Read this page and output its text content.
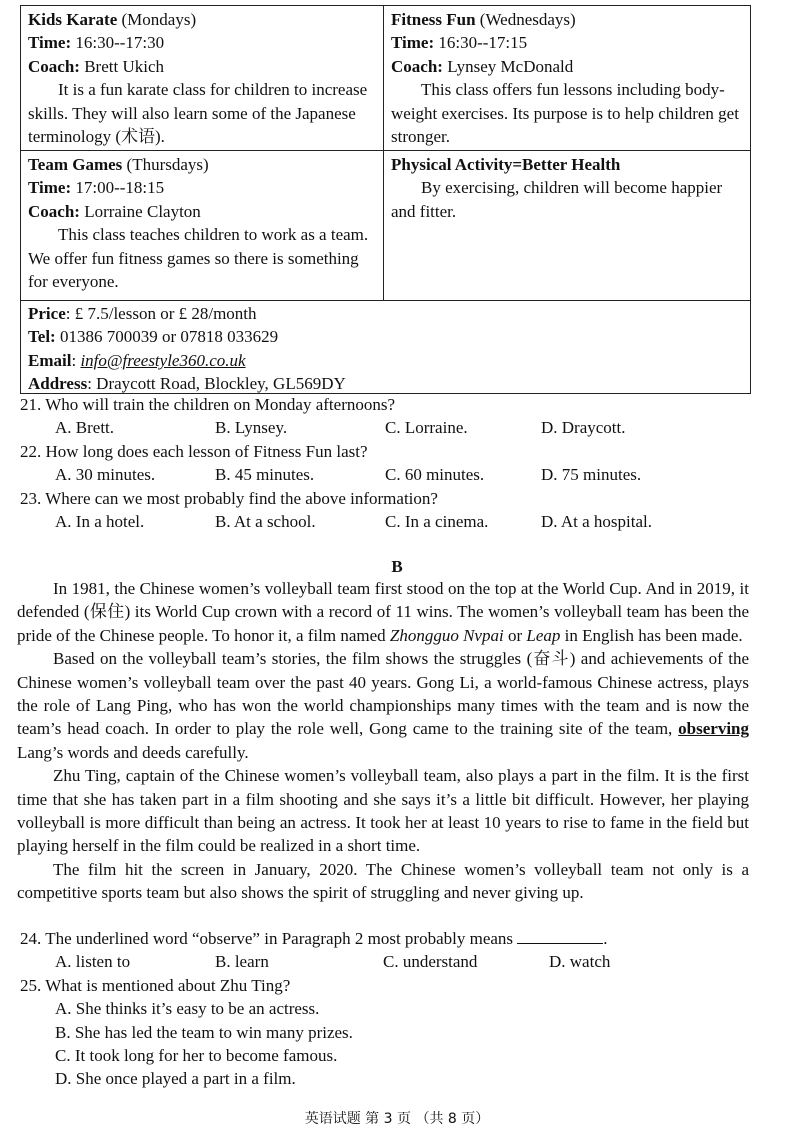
Kids Karate (Mondays)
Time: 16:30--17:30
Coach: Brett Ukich
It is a fun karate class for children to increase skills. They will also learn some of the Japanese terminology (术语).
Fitness Fun (Wednesdays)
Time: 16:30--17:15
Coach: Lynsey McDonald
This class offers fun lessons including body-weight exercises. Its purpose is to help children get stronger.
Team Games (Thursdays)
Time: 17:00--18:15
Coach: Lorraine Clayton
This class teaches children to work as a team. We offer fun fitness games so there is something for everyone.
Physical Activity=Better Health
By exercising, children will become happier and fitter.
Price: £ 7.5/lesson or £ 28/month
Tel: 01386 700039 or 07818 033629
Email: info@freestyle360.co.uk
Address: Draycott Road, Blockley, GL569DY

21. Who will train the children on Monday afternoons?

A. Brett.	B. Lynsey.	C. Lorraine.	D. Draycott.

22. How long does each lesson of Fitness Fun last?

A. 30 minutes.	B. 45 minutes.	C. 60 minutes.	D. 75 minutes.

23. Where can we most probably find the above information?

A. In a hotel.	B. At a school.	C. In a cinema.	D. At a hospital.
B

In 1981, the Chinese women’s volleyball team first stood on the top at the World Cup. And in 2019, it defended (保住) its World Cup crown with a record of 11 wins. The women’s volleyball team has been the pride of the Chinese people. To honor it, a film named Zhongguo Nvpai or Leap in English has been made.

Based on the volleyball team’s stories, the film shows the struggles (奋斗) and achievements of the Chinese women’s volleyball team over the past 40 years. Gong Li, a world-famous Chinese actress, plays the role of Lang Ping, who has won the world championships many times with the team and is now the team’s head coach. In order to play the role well, Gong came to the training site of the team, observing Lang’s words and deeds carefully.

Zhu Ting, captain of the Chinese women’s volleyball team, also plays a part in the film. It is the first time that she has taken part in a film shooting and she says it’s a little bit difficult. However, her playing volleyball is more difficult than being an actress. It took her at least 10 years to rise to fame in the field but playing herself in the film could be realized in a short time.

The film hit the screen in January, 2020. The Chinese women’s volleyball team not only is a competitive sports team but also shows the spirit of struggling and never giving up.

24. The underlined word “observe” in Paragraph 2 most probably means	.

A. listen to	B. learn	C. understand	D. watch

25. What is mentioned about Zhu Ting?

A. She thinks it’s easy to be an actress.
B. She has led the team to win many prizes.
C. It took long for her to become famous.
D. She once played a part in a film.
英语试题 第 3 页 （共 8 页）
